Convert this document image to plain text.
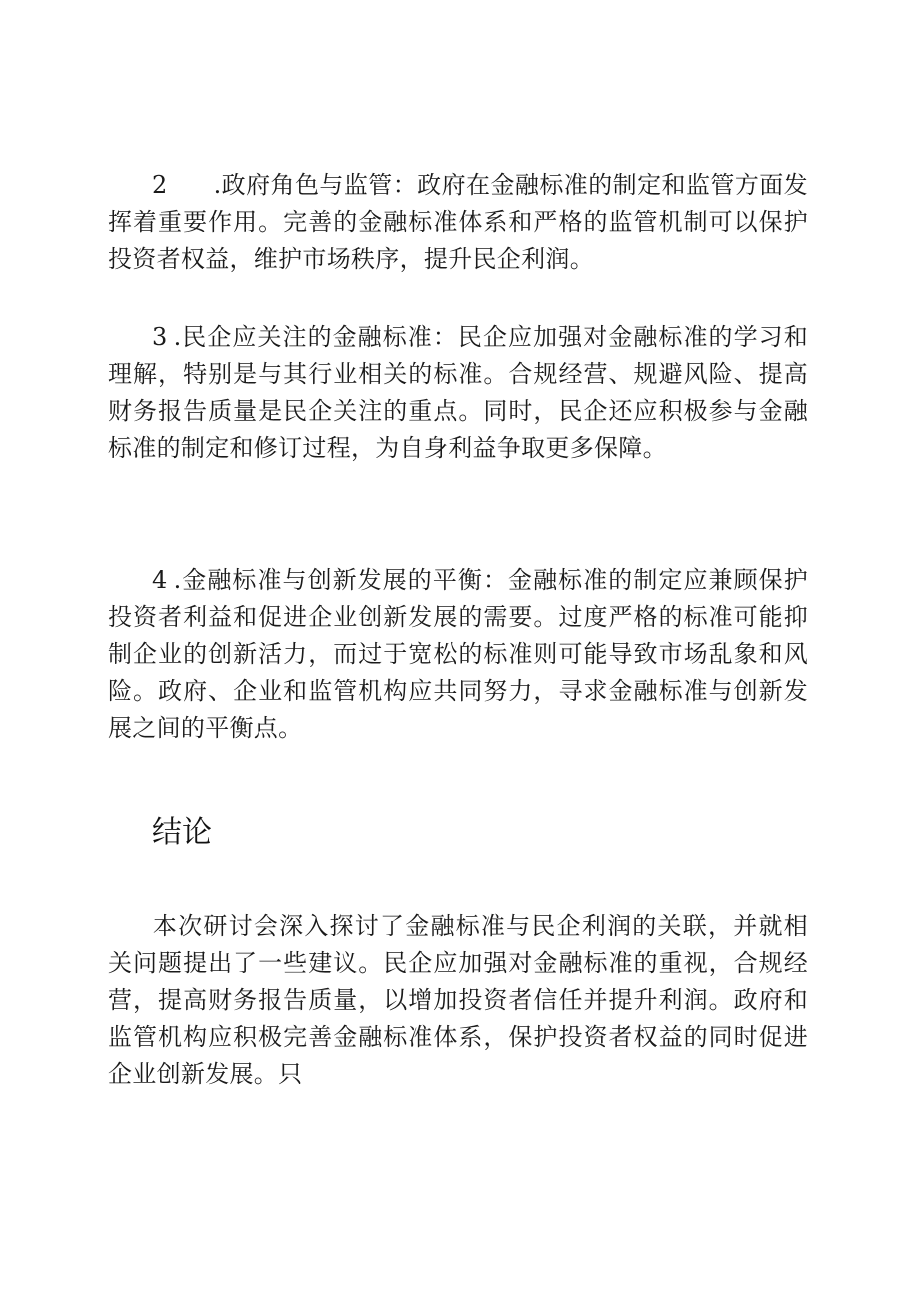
2 .政府角色与监管：政府在金融标准的制定和监管方面发挥着重要作用。完善的金融标准体系和严格的监管机制可以保护投资者权益，维护市场秩序，提升民企利润。

3 .民企应关注的金融标准：民企应加强对金融标准的学习和理解，特别是与其行业相关的标准。合规经营、规避风险、提高财务报告质量是民企关注的重点。同时，民企还应积极参与金融标准的制定和修订过程，为自身利益争取更多保障。

4 .金融标准与创新发展的平衡：金融标准的制定应兼顾保护投资者利益和促进企业创新发展的需要。过度严格的标准可能抑制企业的创新活力，而过于宽松的标准则可能导致市场乱象和风险。政府、企业和监管机构应共同努力，寻求金融标准与创新发展之间的平衡点。

结论

本次研讨会深入探讨了金融标准与民企利润的关联，并就相关问题提出了一些建议。民企应加强对金融标准的重视，合规经营，提高财务报告质量，以增加投资者信任并提升利润。政府和监管机构应积极完善金融标准体系，保护投资者权益的同时促进企业创新发展。只
